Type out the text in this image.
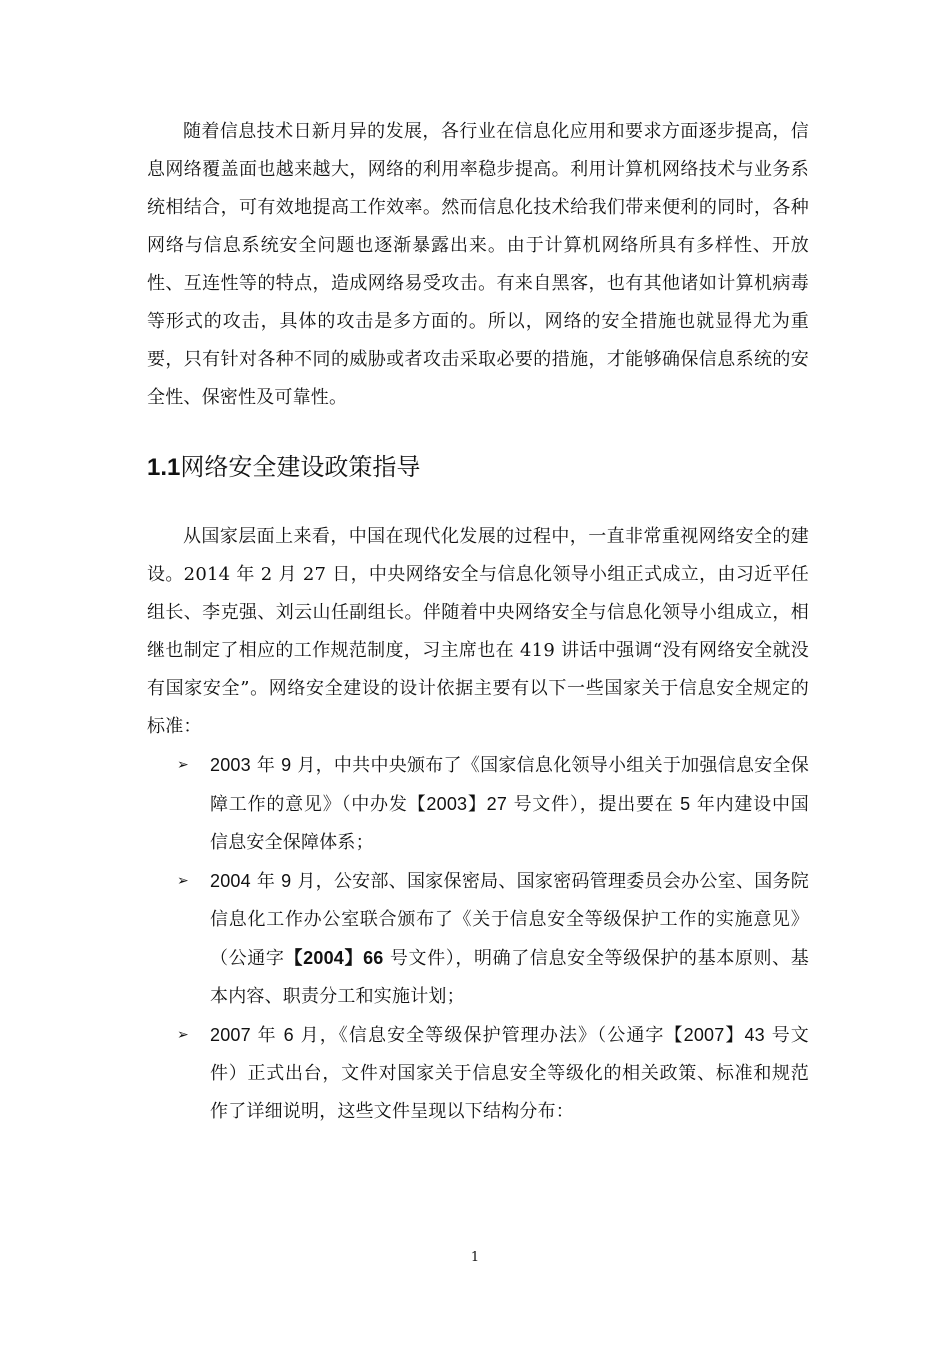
随着信息技术日新月异的发展，各行业在信息化应用和要求方面逐步提高，信息网络覆盖面也越来越大，网络的利用率稳步提高。利用计算机网络技术与业务系统相结合，可有效地提高工作效率。然而信息化技术给我们带来便利的同时，各种网络与信息系统安全问题也逐渐暴露出来。由于计算机网络所具有多样性、开放性、互连性等的特点，造成网络易受攻击。有来自黑客，也有其他诸如计算机病毒等形式的攻击，具体的攻击是多方面的。所以，网络的安全措施也就显得尤为重要，只有针对各种不同的威胁或者攻击采取必要的措施，才能够确保信息系统的安全性、保密性及可靠性。

1.1网络安全建设政策指导

从国家层面上来看，中国在现代化发展的过程中，一直非常重视网络安全的建设。2014 年 2 月 27 日，中央网络安全与信息化领导小组正式成立，由习近平任组长、李克强、刘云山任副组长。伴随着中央网络安全与信息化领导小组成立，相继也制定了相应的工作规范制度，习主席也在 419 讲话中强调“没有网络安全就没有国家安全”。网络安全建设的设计依据主要有以下一些国家关于信息安全规定的标准：

➢ 2003 年 9 月，中共中央颁布了《国家信息化领导小组关于加强信息安全保障工作的意见》（中办发【2003】27 号文件），提出要在 5 年内建设中国信息安全保障体系；
➢ 2004 年 9 月，公安部、国家保密局、国家密码管理委员会办公室、国务院信息化工作办公室联合颁布了《关于信息安全等级保护工作的实施意见》（公通字【2004】66 号文件），明确了信息安全等级保护的基本原则、基本内容、职责分工和实施计划；
➢ 2007 年 6 月，《信息安全等级保护管理办法》（公通字【2007】43 号文件）正式出台，文件对国家关于信息安全等级化的相关政策、标准和规范作了详细说明，这些文件呈现以下结构分布：
1
